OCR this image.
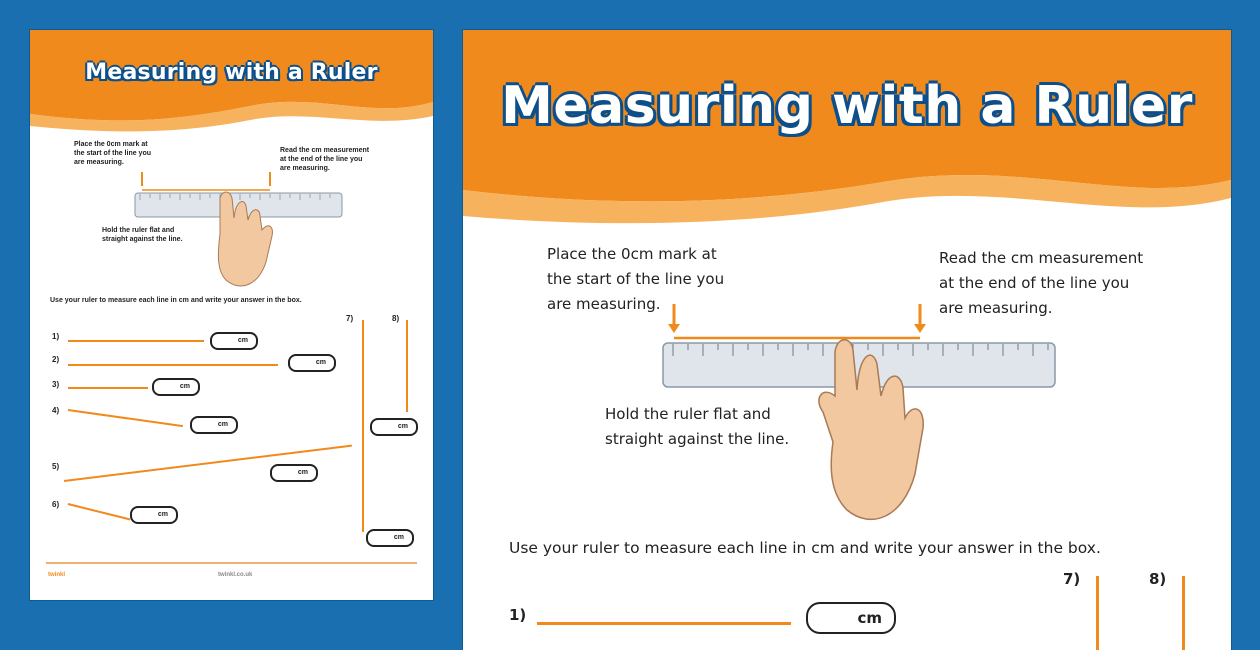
Measuring with a Ruler
Place the 0cm mark at
the start of the line you
are measuring.
Read the cm measurement
at the end of the line you
are measuring.
Hold the ruler flat and
straight against the line.
Use your ruler to measure each line in cm and write your answer in the box.
1)	cm
2)	cm
3)	cm
4)
cm
5)
cm
6)
cm
7)
cm
8)
cm
twinkl	twinkl.co.uk
Measuring with a Ruler
Place the 0cm mark at
the start of the line you
are measuring.
Read the cm measurement
at the end of the line you
are measuring.
Hold the ruler flat and
straight against the line.
Use your ruler to measure each line in cm and write your answer in the box.
1)	cm
7)	8)
